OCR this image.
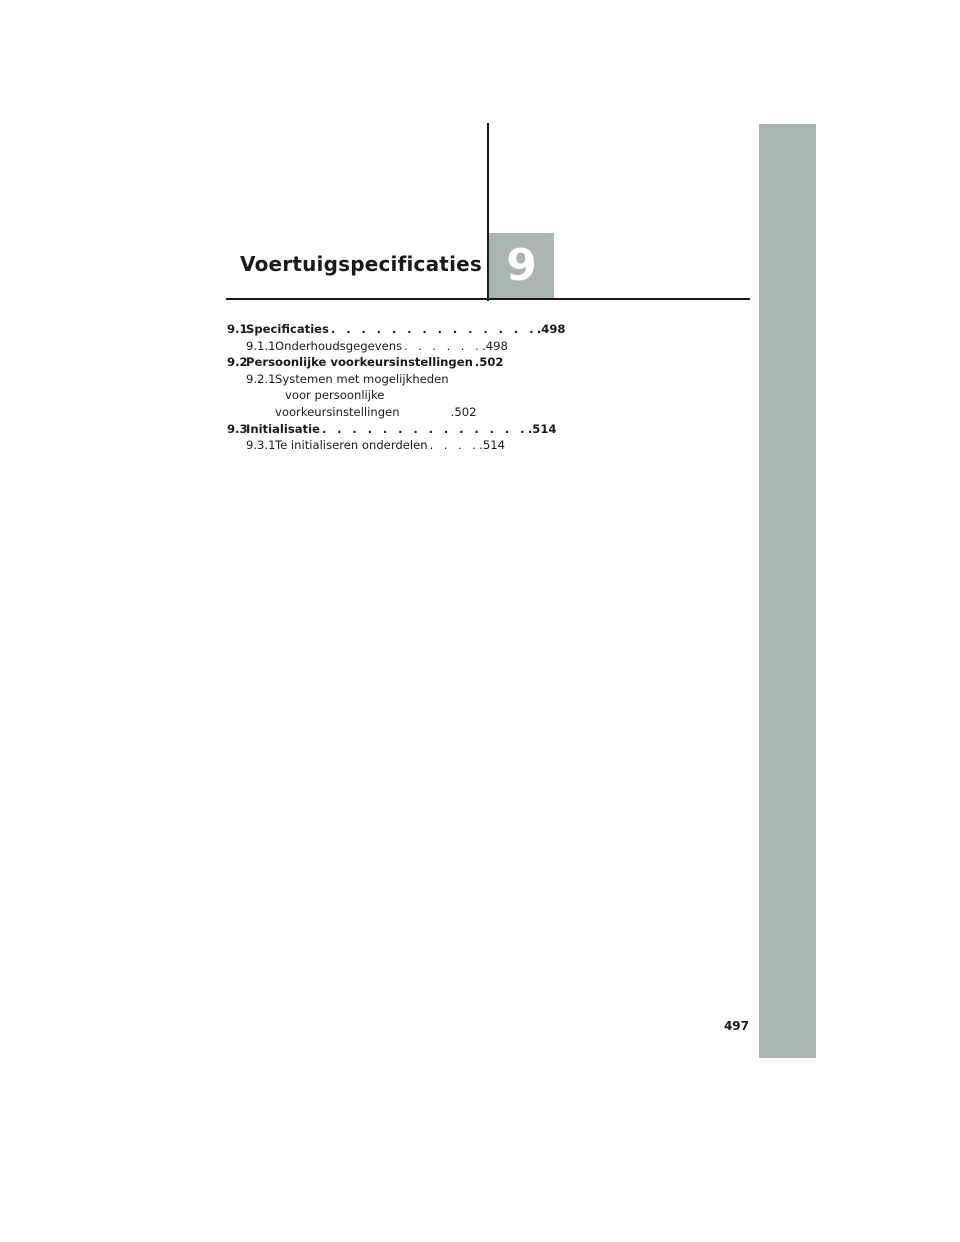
Voertuigspecificaties 9
9.1
Specificaties . . . . . . . . . . . . . . .498
9.1.1 Onderhoudsgegevens . . . . . . .498
9.2
Persoonlijke voorkeursinstellingen .502
9.2.1 Systemen met mogelijkheden
voor persoonlijke
voorkeursinstellingen	.502
9.3
Initialisatie . . . . . . . . . . . . . . .514
9.3.1 Te initialiseren onderdelen . . . . .514
497
